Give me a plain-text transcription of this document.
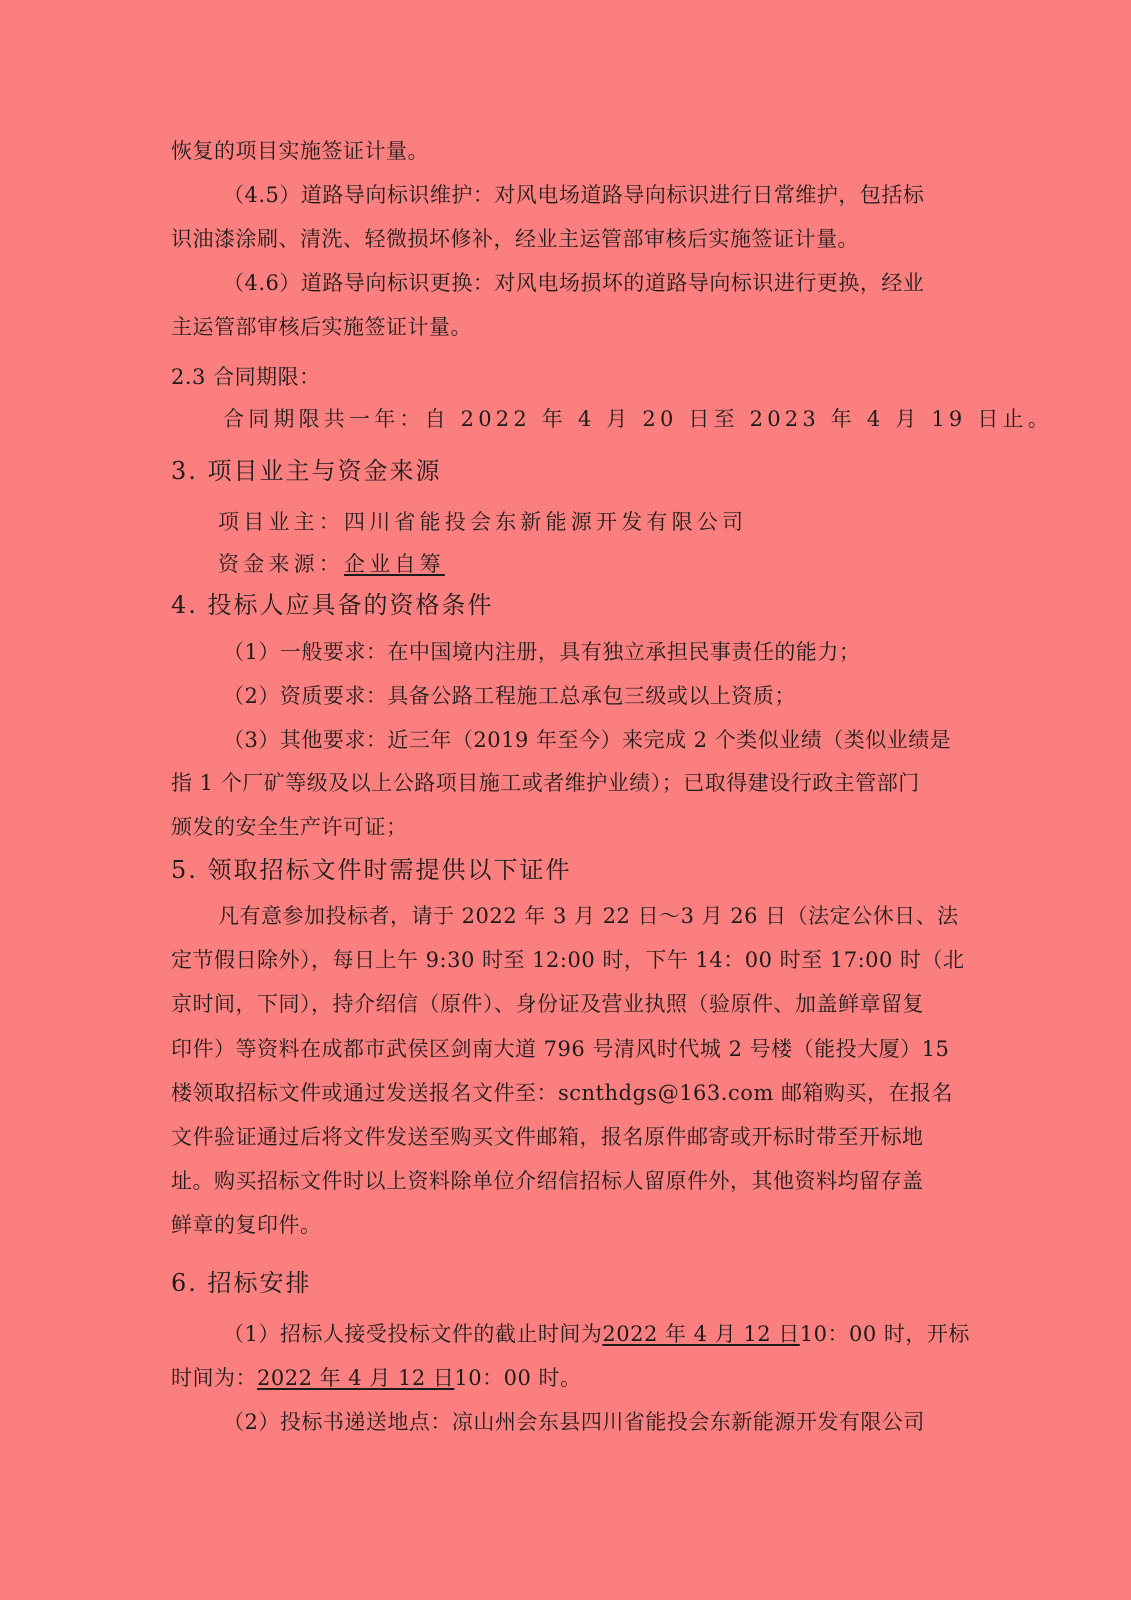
恢复的项目实施签证计量。
（4.5）道路导向标识维护：对风电场道路导向标识进行日常维护，包括标
识油漆涂刷、清洗、轻微损坏修补，经业主运管部审核后实施签证计量。
（4.6）道路导向标识更换：对风电场损坏的道路导向标识进行更换，经业
主运管部审核后实施签证计量。
2.3 合同期限：
合同期限共一年：自 2022 年 4 月 20 日至 2023 年 4 月 19 日止。
3. 项目业主与资金来源
项目业主：四川省能投会东新能源开发有限公司
资金来源：企业自筹
4. 投标人应具备的资格条件
（1）一般要求：在中国境内注册，具有独立承担民事责任的能力；
（2）资质要求：具备公路工程施工总承包三级或以上资质；
（3）其他要求：近三年（2019 年至今）来完成 2 个类似业绩（类似业绩是
指 1 个厂矿等级及以上公路项目施工或者维护业绩）；已取得建设行政主管部门
颁发的安全生产许可证；
5. 领取招标文件时需提供以下证件
凡有意参加投标者，请于 2022 年 3 月 22 日～3 月 26 日（法定公休日、法
定节假日除外），每日上午 9:30 时至 12:00 时，下午 14：00 时至 17:00 时（北
京时间，下同），持介绍信（原件）、身份证及营业执照（验原件、加盖鲜章留复
印件）等资料在成都市武侯区剑南大道 796 号清风时代城 2 号楼（能投大厦）15
楼领取招标文件或通过发送报名文件至：scnthdgs@163.com 邮箱购买，在报名
文件验证通过后将文件发送至购买文件邮箱，报名原件邮寄或开标时带至开标地
址。购买招标文件时以上资料除单位介绍信招标人留原件外，其他资料均留存盖
鲜章的复印件。
6. 招标安排
（1）招标人接受投标文件的截止时间为2022 年 4 月 12 日10：00 时，开标
时间为：2022 年 4 月 12 日10：00 时。
（2）投标书递送地点：凉山州会东县四川省能投会东新能源开发有限公司
